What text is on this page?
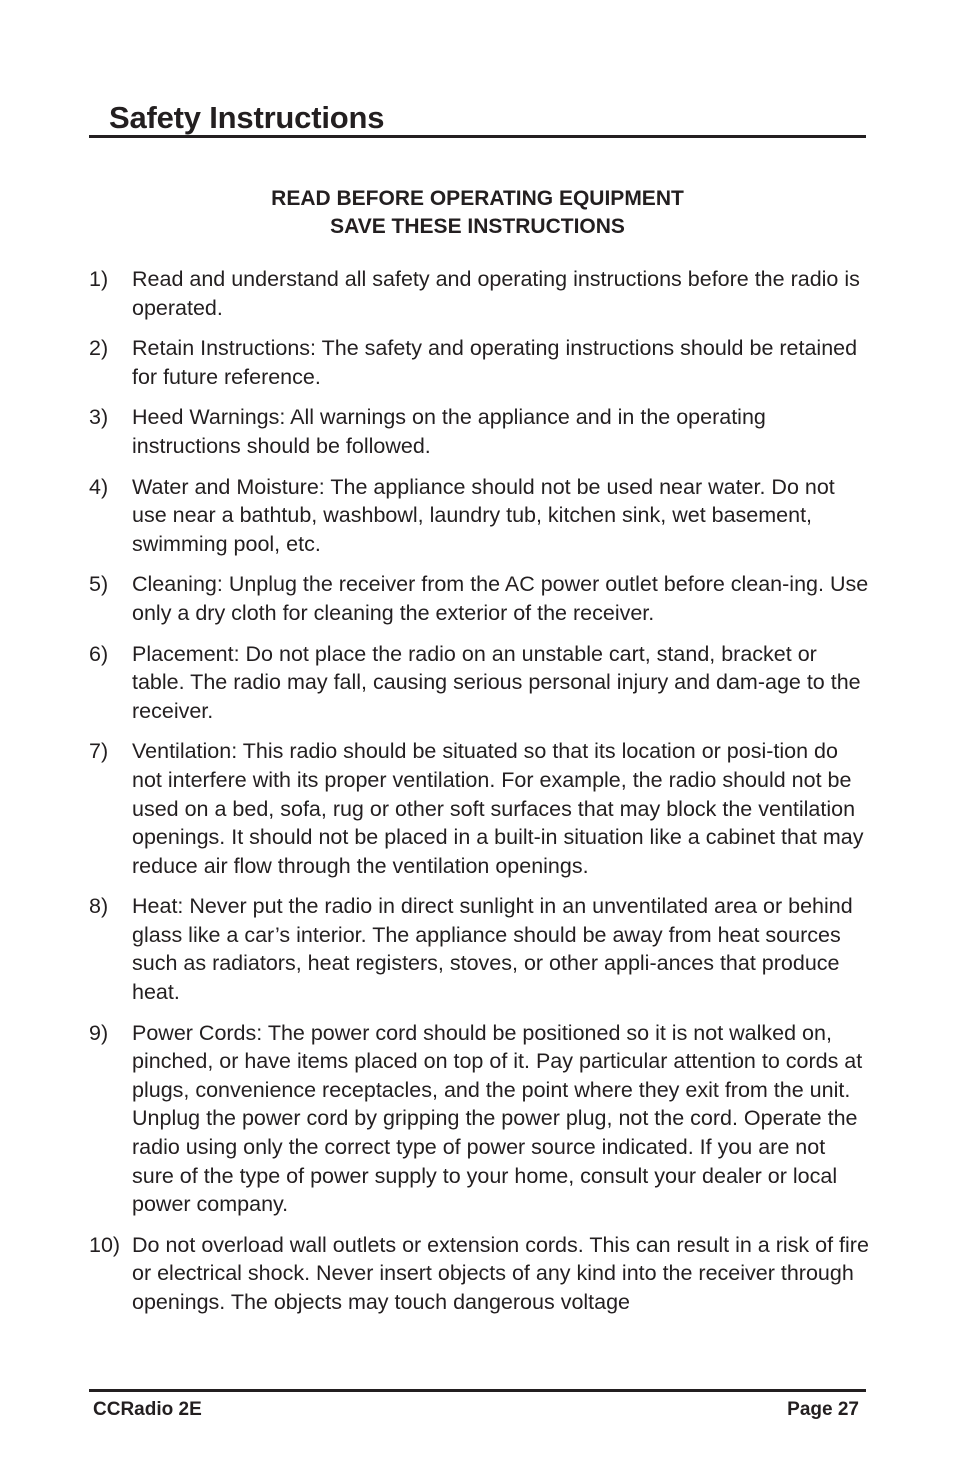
Safety Instructions
READ BEFORE OPERATING EQUIPMENT
SAVE THESE INSTRUCTIONS
1)	Read and understand all safety and operating instructions before the radio is operated.
2)	Retain Instructions: The safety and operating instructions should be retained for future reference.
3)	Heed Warnings: All warnings on the appliance and in the operating instructions should be followed.
4)	Water and Moisture: The appliance should not be used near water. Do not use near a bathtub, washbowl, laundry tub, kitchen sink, wet basement, swimming pool, etc.
5)	Cleaning: Unplug the receiver from the AC power outlet before clean-ing. Use only a dry cloth for cleaning the exterior of the receiver.
6)	Placement: Do not place the radio on an unstable cart, stand, bracket or table. The radio may fall, causing serious personal injury and dam-age to the receiver.
7)	Ventilation: This radio should be situated so that its location or posi-tion do not interfere with its proper ventilation. For example, the radio should not be used on a bed, sofa, rug or other soft surfaces that may block the ventilation openings. It should not be placed in a built-in situation like a cabinet that may reduce air flow through the ventilation openings.
8)	Heat: Never put the radio in direct sunlight in an unventilated area or behind glass like a car’s interior. The appliance should be away from heat sources such as radiators, heat registers, stoves, or other appli-ances that produce heat.
9)	Power Cords: The power cord should be positioned so it is not walked on, pinched, or have items placed on top of it. Pay particular attention to cords at plugs, convenience receptacles, and the point where they exit from the unit. Unplug the power cord by gripping the power plug, not the cord. Operate the radio using only the correct type of power source indicated. If you are not sure of the type of power supply to your home, consult your dealer or local power company.
10) Do not overload wall outlets or extension cords. This can result in a risk of fire or electrical shock. Never insert objects of any kind into the receiver through openings. The objects may touch dangerous voltage
CCRadio 2E	Page 27
